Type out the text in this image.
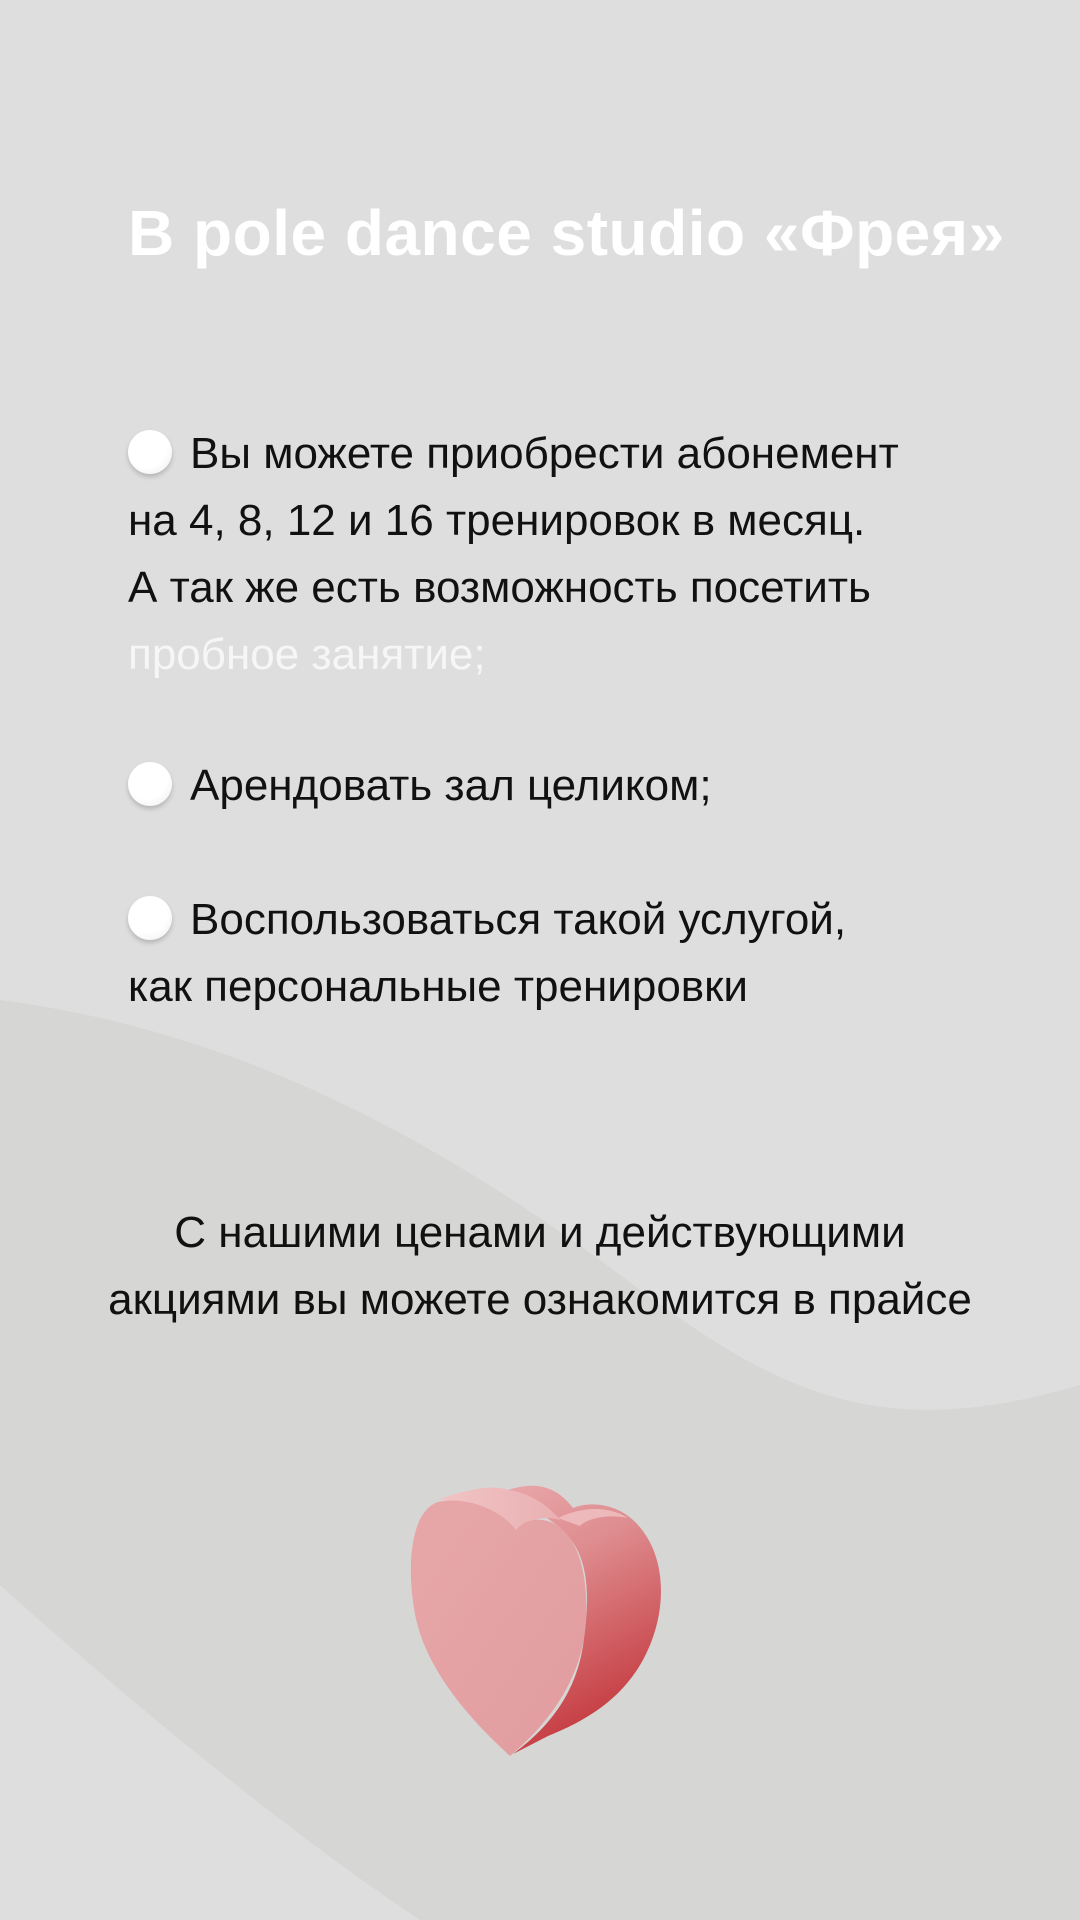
В pole dance studio «Фрея»
Вы можете приобрести абонемент
на 4, 8, 12 и 16 тренировок в месяц.
А так же есть возможность посетить
пробное занятие;
Арендовать зал целиком;
Воспользоваться такой услугой,
как персональные тренировки
С нашими ценами и действующими
акциями вы можете ознакомится в прайсе
